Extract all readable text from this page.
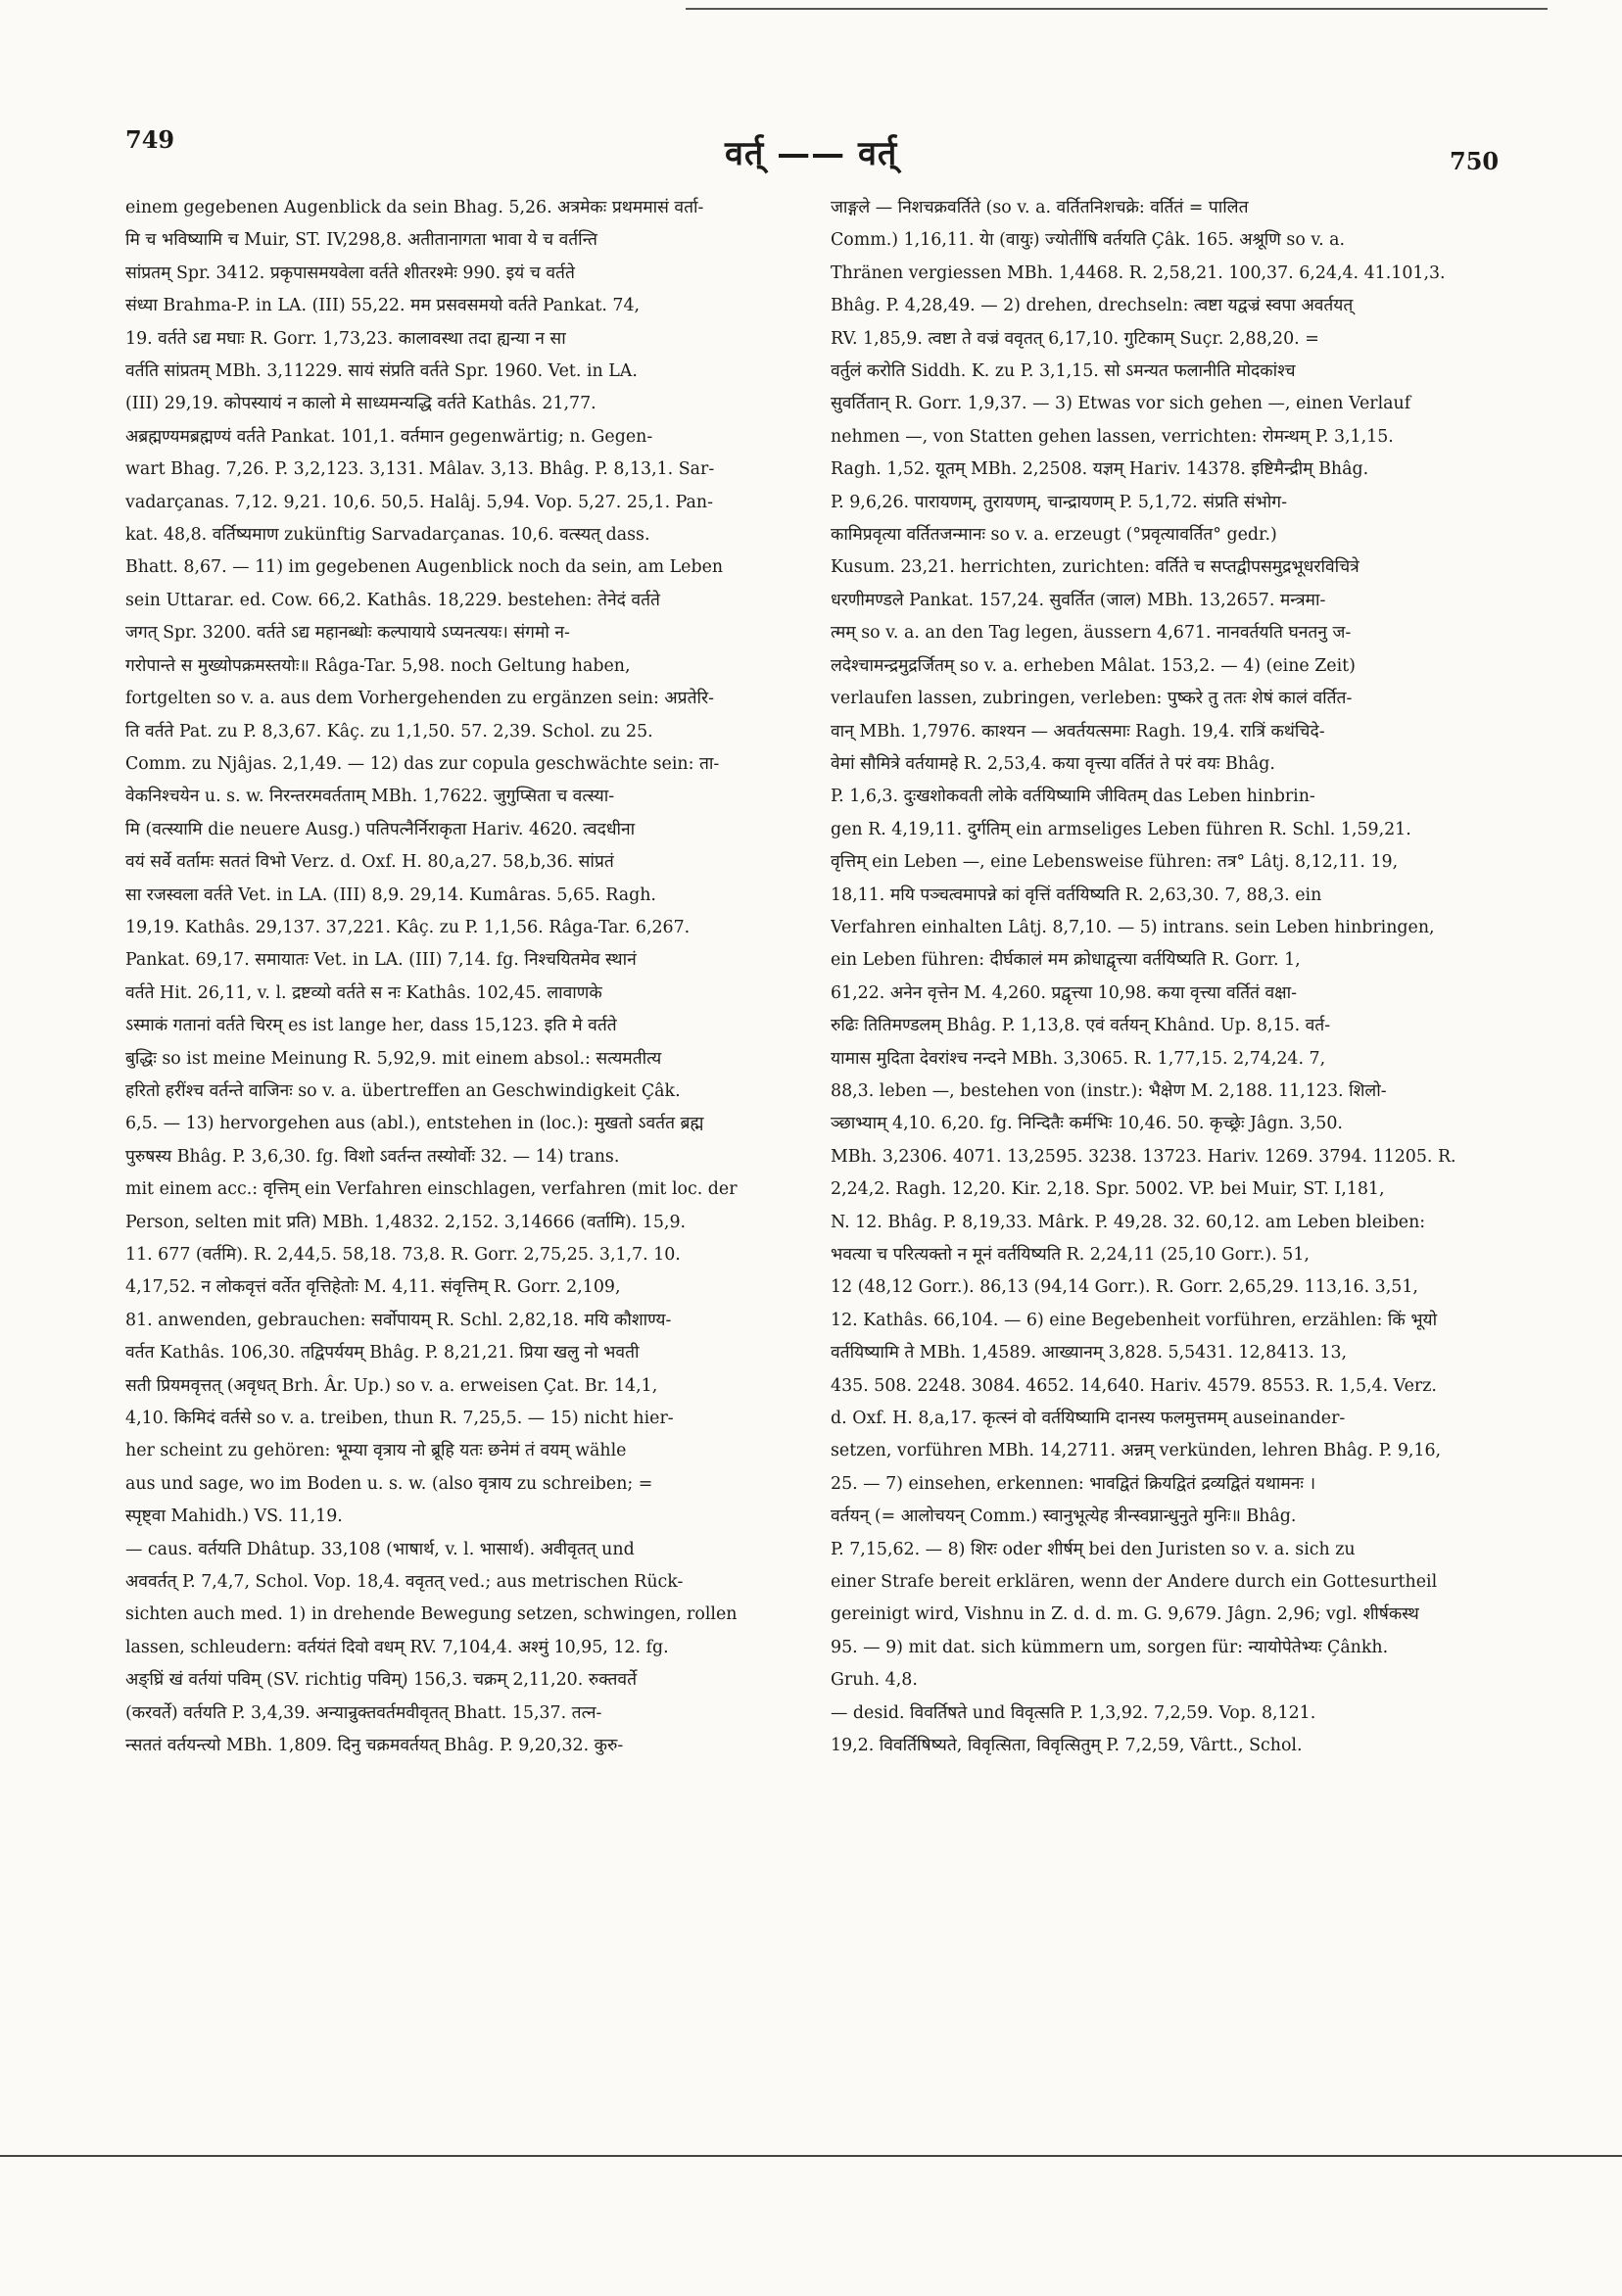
749	वर्त् —— वर्त्	750

einem gegebenen Augenblick da sein Bhag. 5,26. अत्रमेकः प्रथममासं वर्ता-

मि च भविष्यामि च Muir, ST. IV,298,8. अतीतानागता भावा ये च वर्तन्ति

सांप्रतम् Spr. 3412. प्रकृपासमयवेला वर्तते शीतरश्मेः 990. इयं च वर्तते

संध्या Brahma-P. in LA. (III) 55,22. मम प्रसवसमयो वर्तते Pankat. 74,

19. वर्तते ऽद्य मघाः R. Gorr. 1,73,23. कालावस्था तदा ह्यन्या न सा

वर्तति सांप्रतम् MBh. 3,11229. सायं संप्रति वर्तते Spr. 1960. Vet. in LA.

(III) 29,19. कोपस्यायं न कालो मे साध्यमन्यद्धि वर्तते Kathâs. 21,77.

अब्रह्मण्यमब्रह्मण्यं वर्तते Pankat. 101,1. वर्तमान gegenwärtig; n. Gegen-

wart Bhag. 7,26. P. 3,2,123. 3,131. Mâlav. 3,13. Bhâg. P. 8,13,1. Sar-

vadarçanas. 7,12. 9,21. 10,6. 50,5. Halâj. 5,94. Vop. 5,27. 25,1. Pan-

kat. 48,8. वर्तिष्यमाण zukünftig Sarvadarçanas. 10,6. वत्स्यत् dass.

Bhatt. 8,67. — 11) im gegebenen Augenblick noch da sein, am Leben

sein Uttarar. ed. Cow. 66,2. Kathâs. 18,229. bestehen: तेनेदं वर्तते

जगत् Spr. 3200. वर्तते ऽद्य महानब्धोः कल्पायाये ऽप्यनत्ययः। संगमो न-

गरोपान्ते स मुख्योपक्रमस्तयोः॥ Râga-Tar. 5,98. noch Geltung haben,

fortgelten so v. a. aus dem Vorhergehenden zu ergänzen sein: अप्रतेरि-

ति वर्तते Pat. zu P. 8,3,67. Kâç. zu 1,1,50. 57. 2,39. Schol. zu 25.

Comm. zu Njâjas. 2,1,49. — 12) das zur copula geschwächte sein: ता-

वेकनिश्चयेन u. s. w. निरन्तरमवर्तताम् MBh. 1,7622. जुगुप्सिता च वत्स्या-

मि (वत्स्यामि die neuere Ausg.) पतिपत्नैर्निराकृता Hariv. 4620. त्वदधीना

वयं सर्वे वर्तामः सततं विभो Verz. d. Oxf. H. 80,a,27. 58,b,36. सांप्रतं

सा रजस्वला वर्तते Vet. in LA. (III) 8,9. 29,14. Kumâras. 5,65. Ragh.

19,19. Kathâs. 29,137. 37,221. Kâç. zu P. 1,1,56. Râga-Tar. 6,267.

Pankat. 69,17. समायातः Vet. in LA. (III) 7,14. fg. निश्चयितमेव स्थानं

वर्तते Hit. 26,11, v. l. द्रष्टव्यो वर्तते स नः Kathâs. 102,45. लावाणके

ऽस्माकं गतानां वर्तते चिरम् es ist lange her, dass 15,123. इति मे वर्तते

बुद्धिः so ist meine Meinung R. 5,92,9. mit einem absol.: सत्यमतीत्य

हरितो हरींश्च वर्तन्ते वाजिनः so v. a. übertreffen an Geschwindigkeit Çâk.

6,5. — 13) hervorgehen aus (abl.), entstehen in (loc.): मुखतो ऽवर्तत ब्रह्म

पुरुषस्य Bhâg. P. 3,6,30. fg. विशो ऽवर्तन्त तस्योर्वोः 32. — 14) trans.

mit einem acc.: वृत्तिम् ein Verfahren einschlagen, verfahren (mit loc. der

Person, selten mit प्रति) MBh. 1,4832. 2,152. 3,14666 (वर्तामि). 15,9.

11. 677 (वर्तमि). R. 2,44,5. 58,18. 73,8. R. Gorr. 2,75,25. 3,1,7. 10.

4,17,52. न लोकवृत्तं वर्तेत वृत्तिहेतोः M. 4,11. संवृत्तिम् R. Gorr. 2,109,

81. anwenden, gebrauchen: सर्वोपायम् R. Schl. 2,82,18. मयि कौशाण्य-

वर्तत Kathâs. 106,30. तद्विपर्ययम् Bhâg. P. 8,21,21. प्रिया खलु नो भवती

सती प्रियमवृत्तत् (अवृधत् Brh. Âr. Up.) so v. a. erweisen Çat. Br. 14,1,

4,10. किमिदं वर्तसे so v. a. treiben, thun R. 7,25,5. — 15) nicht hier-

her scheint zu gehören: भूम्या वृत्राय नो ब्रूहि यतः छनेमं तं वयम् wähle

aus und sage, wo im Boden u. s. w. (also वृत्राय zu schreiben; =

स्पृष्ट्वा Mahidh.) VS. 11,19.

— caus. वर्तयति Dhâtup. 33,108 (भाषार्थ, v. l. भासार्थ). अवीवृतत् und

अववर्तत् P. 7,4,7, Schol. Vop. 18,4. ववृतत् ved.; aus metrischen Rück-

sichten auch med. 1) in drehende Bewegung setzen, schwingen, rollen

lassen, schleudern: वर्तयंतं दिवो वधम् RV. 7,104,4. अश्मुं 10,95, 12. fg.

अङ्घ्रिं खं वर्तयां पविम् (SV. richtig पविम्) 156,3. चक्रम् 2,11,20. रुक्तवर्ते

(करवर्ते) वर्तयति P. 3,4,39. अन्यान्रुक्तवर्तमवीवृतत् Bhatt. 15,37. तत्न-

न्सततं वर्तयन्त्यो MBh. 1,809. दिनु चक्रमवर्तयत् Bhâg. P. 9,20,32. कुरु-

जाङ्गले — निशचक्रवर्तिते (so v. a. वर्तितनिशचक्रे: वर्तितं = पालित

Comm.) 1,16,11. येा (वायुः) ज्योतींषि वर्तयति Çâk. 165. अश्रूणि so v. a.

Thränen vergiessen MBh. 1,4468. R. 2,58,21. 100,37. 6,24,4. 41.101,3.

Bhâg. P. 4,28,49. — 2) drehen, drechseln: त्वष्टा यद्वज्रं स्वपा अवर्तयत्

RV. 1,85,9. त्वष्टा ते वज्रं ववृतत् 6,17,10. गुटिकाम् Suçr. 2,88,20. =

वर्तुलं करोति Siddh. K. zu P. 3,1,15. सो ऽमन्यत फलानीति मोदकांश्च

सुवर्तितान् R. Gorr. 1,9,37. — 3) Etwas vor sich gehen —, einen Verlauf

nehmen —, von Statten gehen lassen, verrichten: रोमन्थम् P. 3,1,15.

Ragh. 1,52. यूतम् MBh. 2,2508. यज्ञम् Hariv. 14378. इष्टिमैन्द्रीम् Bhâg.

P. 9,6,26. पारायणम्, तुरायणम्, चान्द्रायणम् P. 5,1,72. संप्रति संभोग-

कामिप्रवृत्या वर्तितजन्मानः so v. a. erzeugt (°प्रवृत्यावर्तित° gedr.)

Kusum. 23,21. herrichten, zurichten: वर्तिते च सप्तद्वीपसमुद्रभूधरविचित्रे

धरणीमण्डले Pankat. 157,24. सुवर्तित (जाल) MBh. 13,2657. मन्त्रमा-

त्मम् so v. a. an den Tag legen, äussern 4,671. नानवर्तयति घनतनु ज-

लदेश्चामन्द्रमुद्रर्जितम् so v. a. erheben Mâlat. 153,2. — 4) (eine Zeit)

verlaufen lassen, zubringen, verleben: पुष्करे तु ततः शेषं कालं वर्तित-

वान् MBh. 1,7976. काश्यन — अवर्तयत्समाः Ragh. 19,4. रात्रिं कथंचिदे-

वेमां सौमित्रे वर्तयामहे R. 2,53,4. कया वृत्त्या वर्तितं ते परं वयः Bhâg.

P. 1,6,3. दुःखशोकवती लोके वर्तयिष्यामि जीवितम् das Leben hinbrin-

gen R. 4,19,11. दुर्गतिम् ein armseliges Leben führen R. Schl. 1,59,21.

वृत्तिम् ein Leben —, eine Lebensweise führen: तत्र° Lâtj. 8,12,11. 19,

18,11. मयि पञ्चत्वमापन्ने कां वृत्तिं वर्तयिष्यति R. 2,63,30. 7, 88,3. ein

Verfahren einhalten Lâtj. 8,7,10. — 5) intrans. sein Leben hinbringen,

ein Leben führen: दीर्घकालं मम क्रोधाद्वृत्त्या वर्तयिष्यति R. Gorr. 1,

61,22. अनेन वृत्तेन M. 4,260. प्रद्वृत्त्या 10,98. कया वृत्त्या वर्तितं वक्षा-

रुढिः तितिमण्डलम् Bhâg. P. 1,13,8. एवं वर्तयन् Khând. Up. 8,15. वर्त-

यामास मुदिता देवरांश्च नन्दने MBh. 3,3065. R. 1,77,15. 2,74,24. 7,

88,3. leben —, bestehen von (instr.): भैक्षेण M. 2,188. 11,123. शिलो-

ञ्छाभ्याम् 4,10. 6,20. fg. निन्दितैः कर्मभिः 10,46. 50. कृच्छ्रेः Jâgn. 3,50.

MBh. 3,2306. 4071. 13,2595. 3238. 13723. Hariv. 1269. 3794. 11205. R.

2,24,2. Ragh. 12,20. Kir. 2,18. Spr. 5002. VP. bei Muir, ST. I,181,

N. 12. Bhâg. P. 8,19,33. Mârk. P. 49,28. 32. 60,12. am Leben bleiben:

भवत्या च परित्यक्तो न मूनं वर्तयिष्यति R. 2,24,11 (25,10 Gorr.). 51,

12 (48,12 Gorr.). 86,13 (94,14 Gorr.). R. Gorr. 2,65,29. 113,16. 3,51,

12. Kathâs. 66,104. — 6) eine Begebenheit vorführen, erzählen: किं भूयो

वर्तयिष्यामि ते MBh. 1,4589. आख्यानम् 3,828. 5,5431. 12,8413. 13,

435. 508. 2248. 3084. 4652. 14,640. Hariv. 4579. 8553. R. 1,5,4. Verz.

d. Oxf. H. 8,a,17. कृत्स्नं वो वर्तयिष्यामि दानस्य फलमुत्तमम् auseinander-

setzen, vorführen MBh. 14,2711. अन्नम् verkünden, lehren Bhâg. P. 9,16,

25. — 7) einsehen, erkennen: भावद्वितं क्रियद्वितं द्रव्यद्वितं यथामनः ।

वर्तयन् (= आलोचयन् Comm.) स्वानुभूत्येह त्रीन्स्वप्नान्धुनुते मुनिः॥ Bhâg.

P. 7,15,62. — 8) शिरः oder शीर्षम् bei den Juristen so v. a. sich zu

einer Strafe bereit erklären, wenn der Andere durch ein Gottesurtheil

gereinigt wird, Vishnu in Z. d. d. m. G. 9,679. Jâgn. 2,96; vgl. शीर्षकस्थ

95. — 9) mit dat. sich kümmern um, sorgen für: न्यायोपेतेभ्यः Çânkh.

Gruh. 4,8.

— desid. विवर्तिषते und विवृत्सति P. 1,3,92. 7,2,59. Vop. 8,121.

19,2. विवर्तिषिष्यते, विवृत्सिता, विवृत्सितुम् P. 7,2,59, Vârtt., Schol.
